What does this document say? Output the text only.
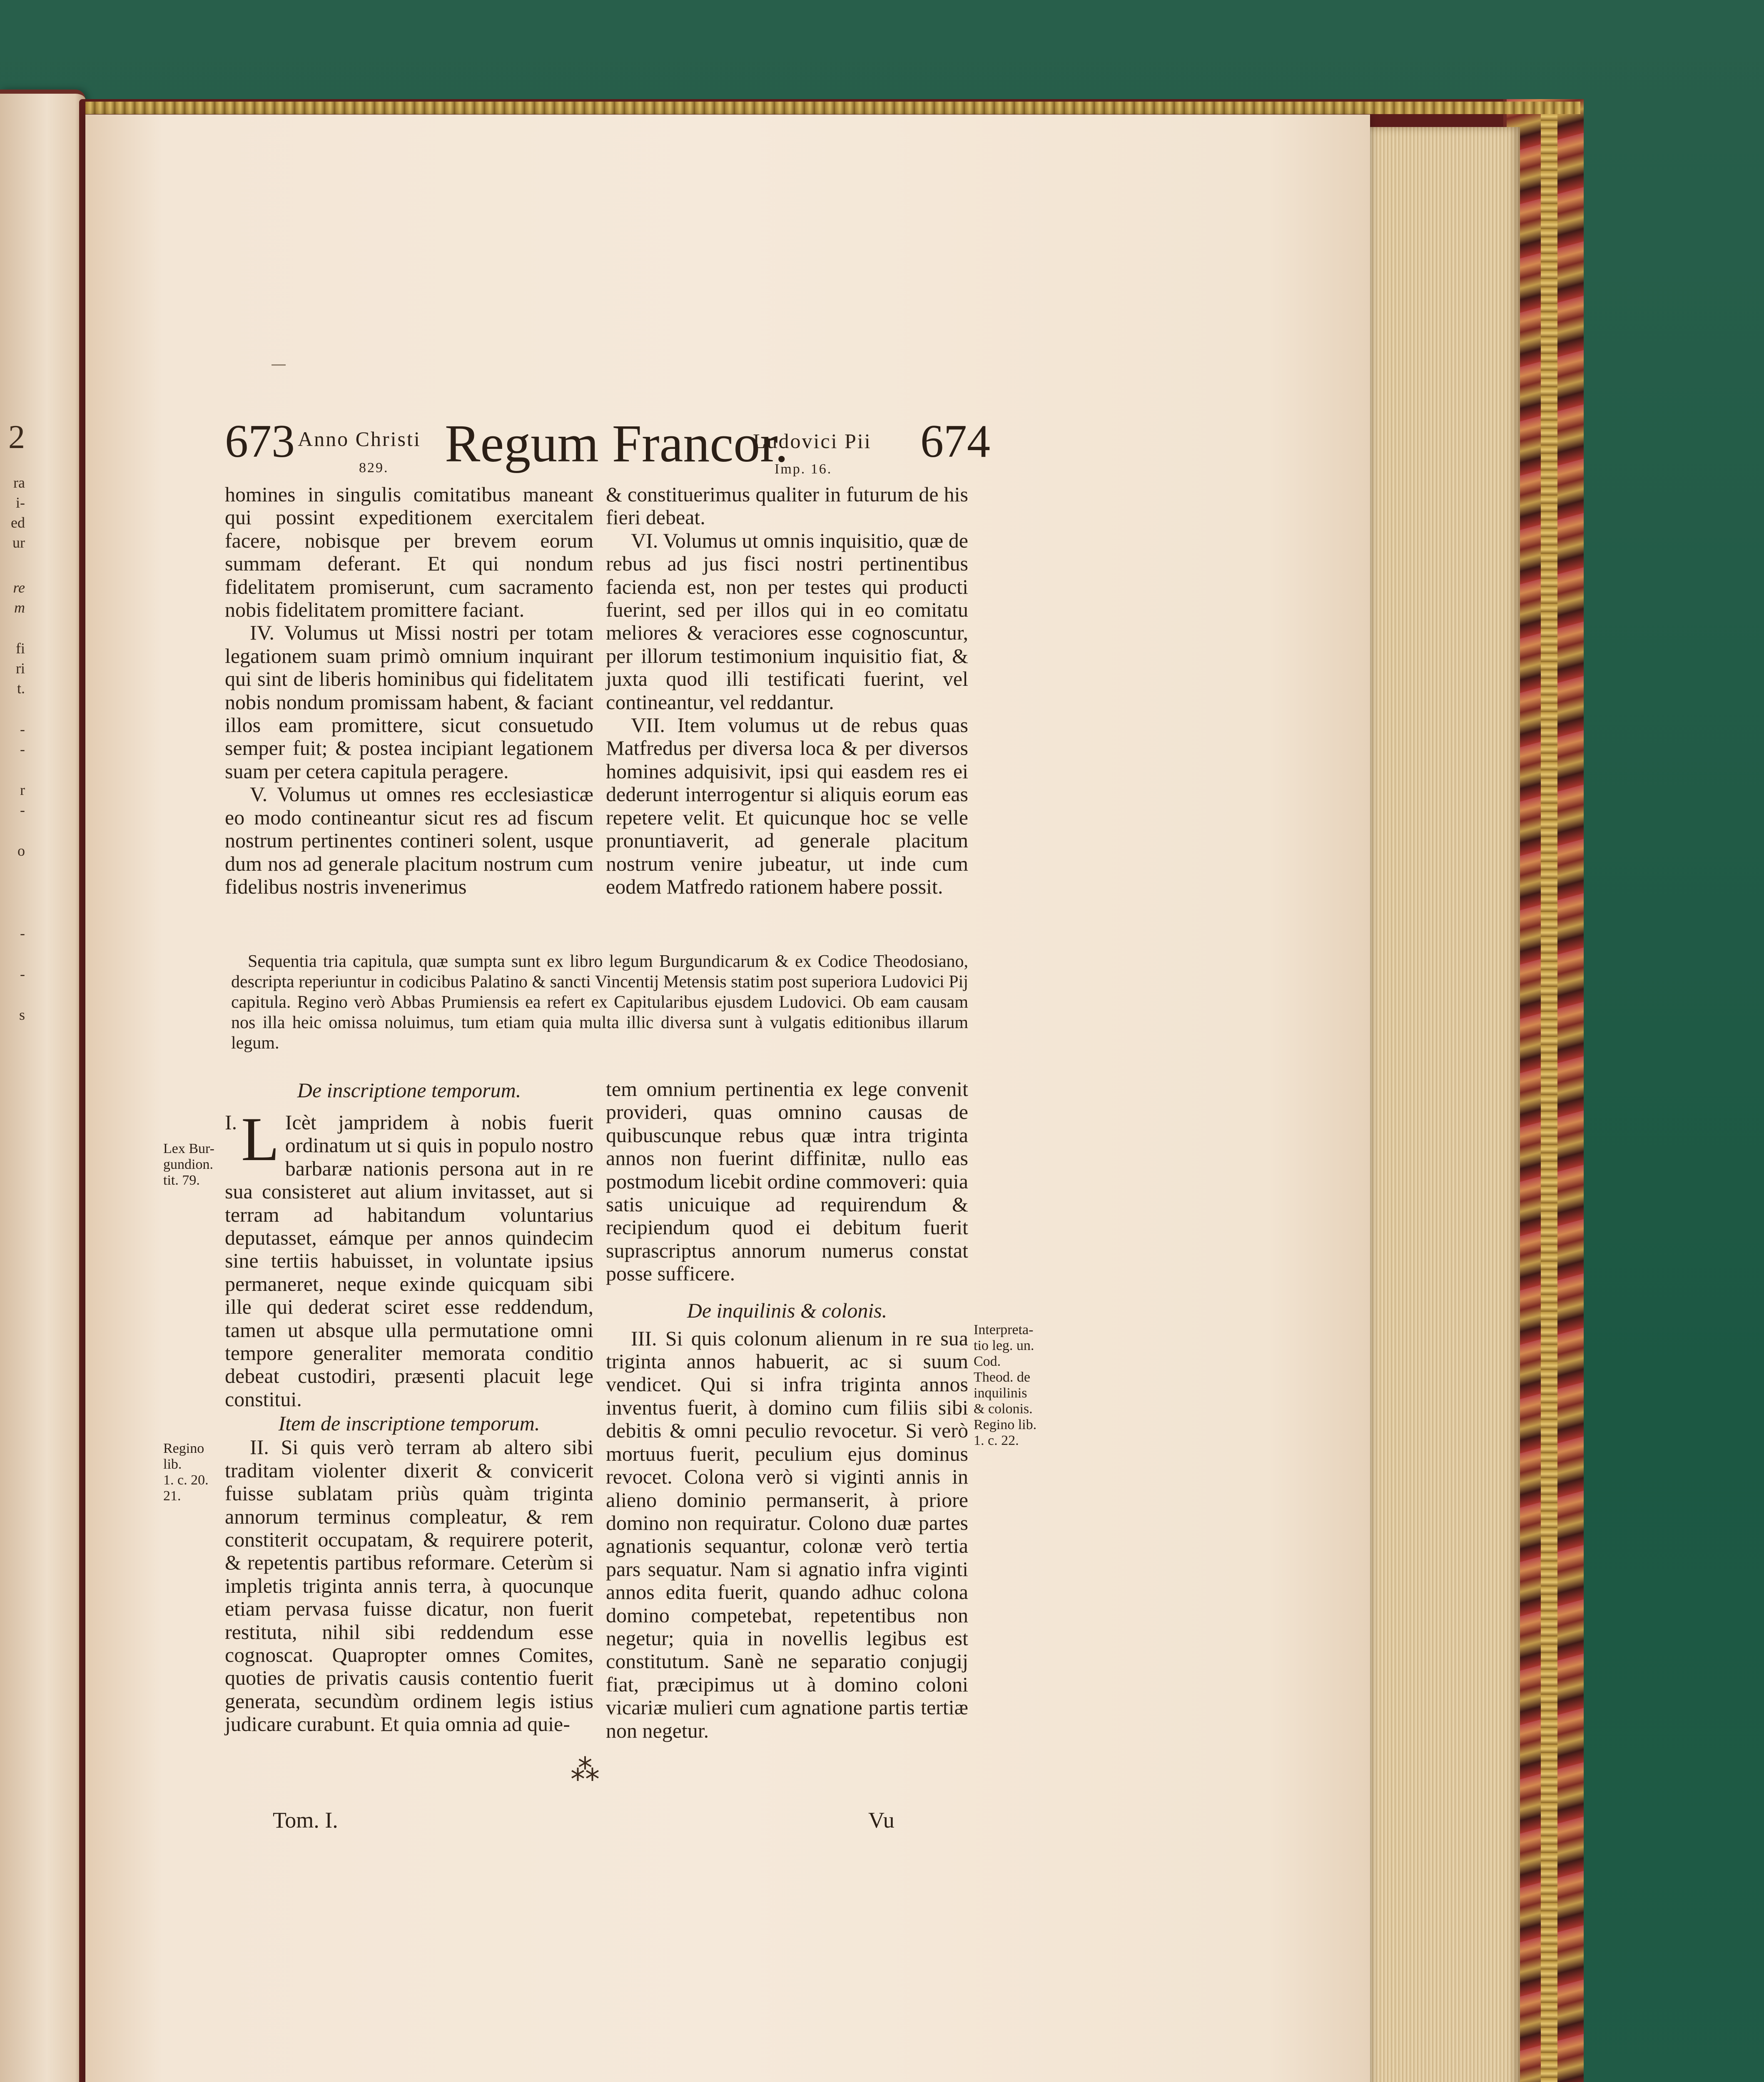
2
ra
i-
ed
ur
re
m
fi
ri
t.
-
-
r
-
o
-
-
s
673 Anno Christi
829. Regum Francor.
Ludovici Pii
Imp. 16.
674

homines in singulis comitatibus maneant qui possint expeditionem exercitalem facere, nobisque per brevem eorum summam deferant. Et qui nondum fidelitatem promiserunt, cum sacramento nobis fidelitatem promittere faciant.

IV. Volumus ut Missi nostri per totam legationem suam primò omnium inquirant qui sint de liberis hominibus qui fidelitatem nobis nondum promissam habent, & faciant illos eam promittere, sicut consuetudo semper fuit; & postea incipiant legationem suam per cetera capitula peragere.

V. Volumus ut omnes res ecclesiasticæ eo modo contineantur sicut res ad fiscum nostrum pertinentes contineri solent, usque dum nos ad generale placitum nostrum cum fidelibus nostris invenerimus

& constituerimus qualiter in futurum de his fieri debeat.

VI. Volumus ut omnis inquisitio, quæ de rebus ad jus fisci nostri pertinentibus facienda est, non per testes qui producti fuerint, sed per illos qui in eo comitatu meliores & veraciores esse cognoscuntur, per illorum testimonium inquisitio fiat, & juxta quod illi testificati fuerint, vel contineantur, vel reddantur.

VII. Item volumus ut de rebus quas Matfredus per diversa loca & per diversos homines adquisivit, ipsi qui easdem res ei dederunt interrogentur si aliquis eorum eas repetere velit. Et quicunque hoc se velle pronuntiaverit, ad generale placitum nostrum venire jubeatur, ut inde cum eodem Matfredo rationem habere possit.

Sequentia tria capitula, quæ sumpta sunt ex libro legum Burgundicarum & ex Codice Theodosiano, descripta reperiuntur in codicibus Palatino & sancti Vincentij Metensis statim post superiora Ludovici Pij capitula. Regino verò Abbas Prumiensis ea refert ex Capitularibus ejusdem Ludovici. Ob eam causam nos illa heic omissa noluimus, tum etiam quia multa illic diversa sunt à vulgatis editionibus illarum legum.
De inscriptione temporum.

I. L Icèt jampridem à nobis fuerit ordinatum ut si quis in populo nostro barbaræ nationis persona aut in re sua consisteret aut alium invitasset, aut si terram ad habitandum voluntarius deputasset, eámque per annos quindecim sine tertiis habuisset, in voluntate ipsius permaneret, neque exinde quicquam sibi ille qui dederat sciret esse reddendum, tamen ut absque ulla permutatione omni tempore generaliter memorata conditio debeat custodiri, præsenti placuit lege constitui.

Item de inscriptione temporum.

II. Si quis verò terram ab altero sibi traditam violenter dixerit & convicerit fuisse sublatam priùs quàm triginta annorum terminus compleatur, & rem constiterit occupatam, & requirere poterit, & repetentis partibus reformare. Ceterùm si impletis triginta annis terra, à quocunque etiam pervasa fuisse dicatur, non fuerit restituta, nihil sibi reddendum esse cognoscat. Quapropter omnes Comites, quoties de privatis causis contentio fuerit generata, secundùm ordinem legis istius judicare curabunt. Et quia omnia ad quie-

tem omnium pertinentia ex lege convenit provideri, quas omnino causas de quibuscunque rebus quæ intra triginta annos non fuerint diffinitæ, nullo eas postmodum licebit ordine commoveri: quia satis unicuique ad requirendum & recipiendum quod ei debitum fuerit suprascriptus annorum numerus constat posse sufficere.

De inquilinis & colonis.

III. Si quis colonum alienum in re sua triginta annos habuerit, ac si suum vendicet. Qui si infra triginta annos inventus fuerit, à domino cum filiis sibi debitis & omni peculio revocetur. Si verò mortuus fuerit, peculium ejus dominus revocet. Colona verò si viginti annis in alieno dominio permanserit, à priore domino non requiratur. Colono duæ partes agnationis sequantur, colonæ verò tertia pars sequatur. Nam si agnatio infra viginti annos edita fuerit, quando adhuc colona domino competebat, repetentibus non negetur; quia in novellis legibus est constitutum. Sanè ne separatio conjugij fiat, præcipimus ut à domino coloni vicariæ mulieri cum agnatione partis tertiæ non negetur.

Lex Bur-
gundion.
tit. 79.
Regino lib.
1. c. 20. 21.
Interpreta-
tio leg. un.
Cod.
Theod. de
inquilinis
& colonis.
Regino lib.
1. c. 22.
⁂
Tom. I.	Vu
